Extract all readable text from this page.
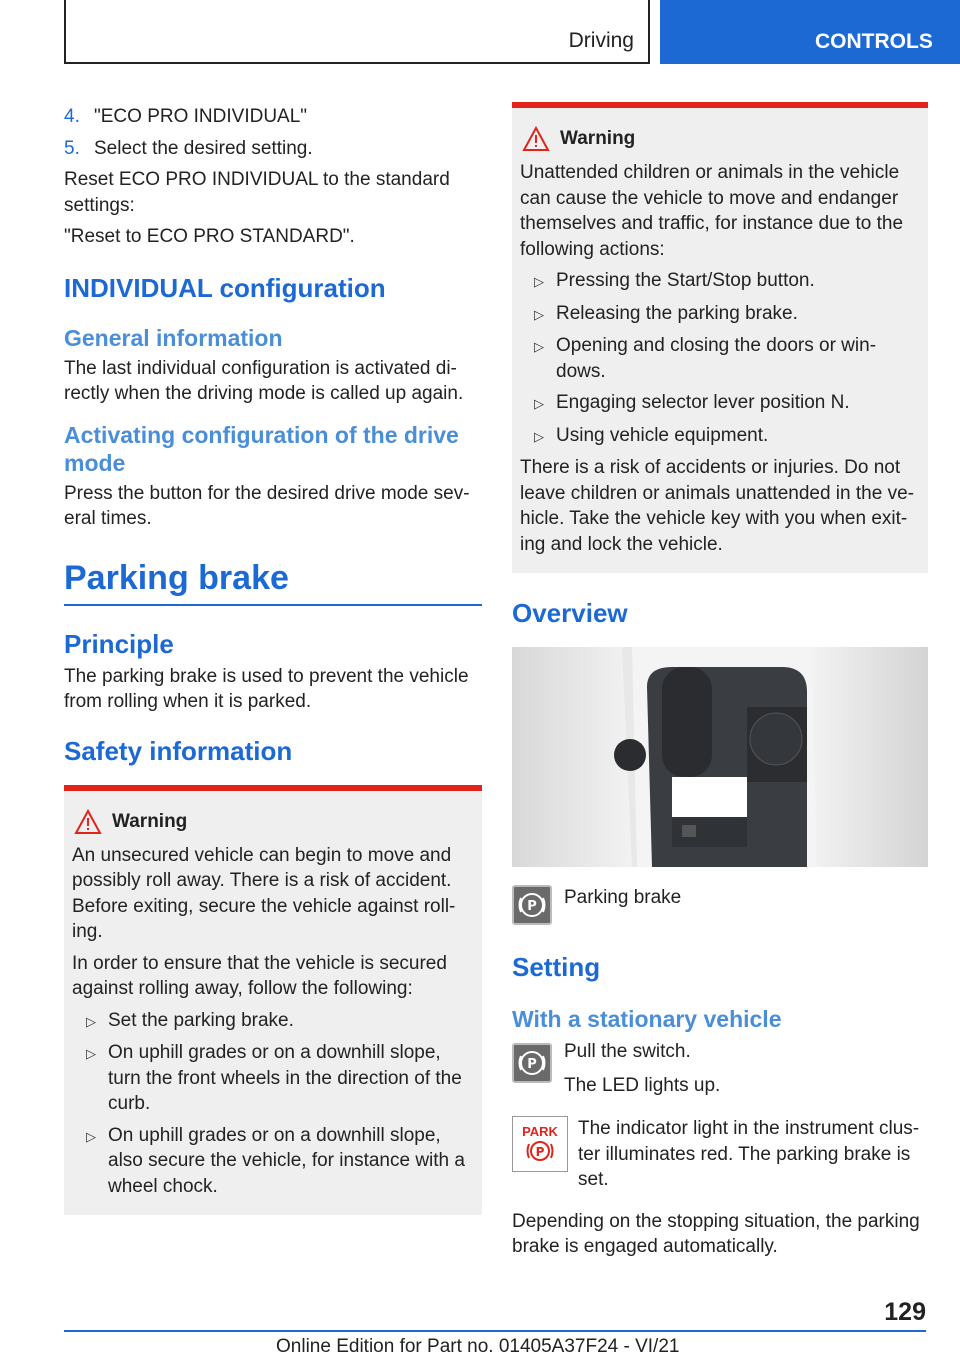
Driving	CONTROLS
4. "ECO PRO INDIVIDUAL"
5. Select the desired setting.

Reset ECO PRO INDIVIDUAL to the standard settings:

"Reset to ECO PRO STANDARD".

INDIVIDUAL configuration
General information

The last individual configuration is activated di-rectly when the driving mode is called up again.

Activating configuration of the drive mode

Press the button for the desired drive mode sev-eral times.

Parking brake
Principle

The parking brake is used to prevent the vehicle from rolling when it is parked.

Safety information
Warning

An unsecured vehicle can begin to move and possibly roll away. There is a risk of accident. Before exiting, secure the vehicle against roll-ing.

In order to ensure that the vehicle is secured against rolling away, follow the following:

▷ Set the parking brake.
▷ On uphill grades or on a downhill slope, turn the front wheels in the direction of the curb.
▷ On uphill grades or on a downhill slope, also secure the vehicle, for instance with a wheel chock.
Warning

Unattended children or animals in the vehicle can cause the vehicle to move and endanger themselves and traffic, for instance due to the following actions:

▷ Pressing the Start/Stop button.
▷ Releasing the parking brake.
▷ Opening and closing the doors or win-dows.
▷ Engaging selector lever position N.
▷ Using vehicle equipment.

There is a risk of accidents or injuries. Do not leave children or animals unattended in the ve-hicle. Take the vehicle key with you when exit-ing and lock the vehicle.

Overview
P Parking brake
Setting
With a stationary vehicle
P

Pull the switch.

The LED lights up.

PARK
P

The indicator light in the instrument clus-ter illuminates red. The parking brake is set.

Depending on the stopping situation, the parking brake is engaged automatically.

129
Online Edition for Part no. 01405A37F24 - VI/21
